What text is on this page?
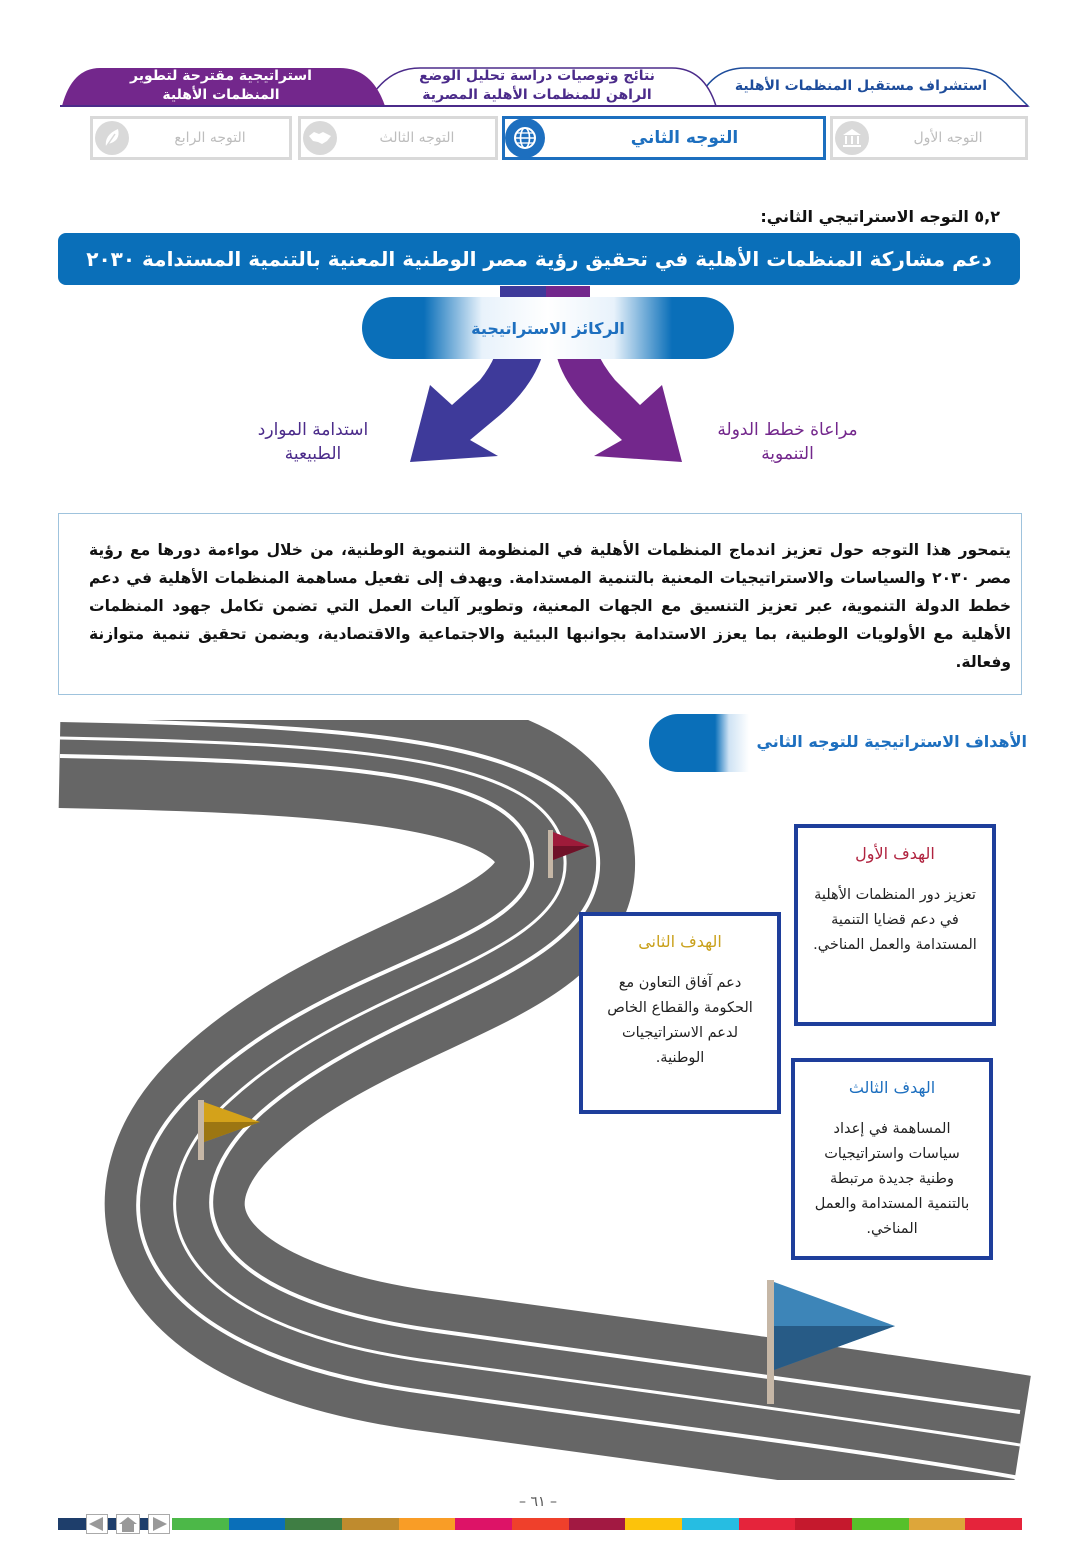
استشراف مستقبل المنظمات الأهلية
نتائج وتوصيات دراسة تحليل الوضع الراهن للمنظمات الأهلية المصرية
استراتيجية مقترحة لتطوير المنظمات الأهلية
التوجه الأول
التوجه الثاني
التوجه الثالث
التوجه الرابع
٥,٢ التوجه الاستراتيجي الثاني:
دعم مشاركة المنظمات الأهلية في تحقيق رؤية مصر الوطنية المعنية بالتنمية المستدامة ٢٠٣٠
الركائز الاستراتيجية
مراعاة خطط الدولة التنموية
استدامة الموارد الطبيعية
يتمحور هذا التوجه حول تعزيز اندماج المنظمات الأهلية في المنظومة التنموية الوطنية، من خلال مواءمة دورها مع رؤية مصر ٢٠٣٠ والسياسات والاستراتيجيات المعنية بالتنمية المستدامة. ويهدف إلى تفعيل مساهمة المنظمات الأهلية في دعم خطط الدولة التنموية، عبر تعزيز التنسيق مع الجهات المعنية، وتطوير آليات العمل التي تضمن تكامل جهود المنظمات الأهلية مع الأولويات الوطنية، بما يعزز الاستدامة بجوانبها البيئية والاجتماعية والاقتصادية، ويضمن تحقيق تنمية متوازنة وفعالة.
الأهداف الاستراتيجية للتوجه الثاني
الهدف الأول

تعزيز دور المنظمات الأهلية في دعم قضايا التنمية المستدامة والعمل المناخي.

الهدف الثانى

دعم آفاق التعاون مع الحكومة والقطاع الخاص لدعم الاستراتيجيات الوطنية.

الهدف الثالث

المساهمة في إعداد سياسات واستراتيجيات وطنية جديدة مرتبطة بالتنمية المستدامة والعمل المناخي.

– ٦١ –
